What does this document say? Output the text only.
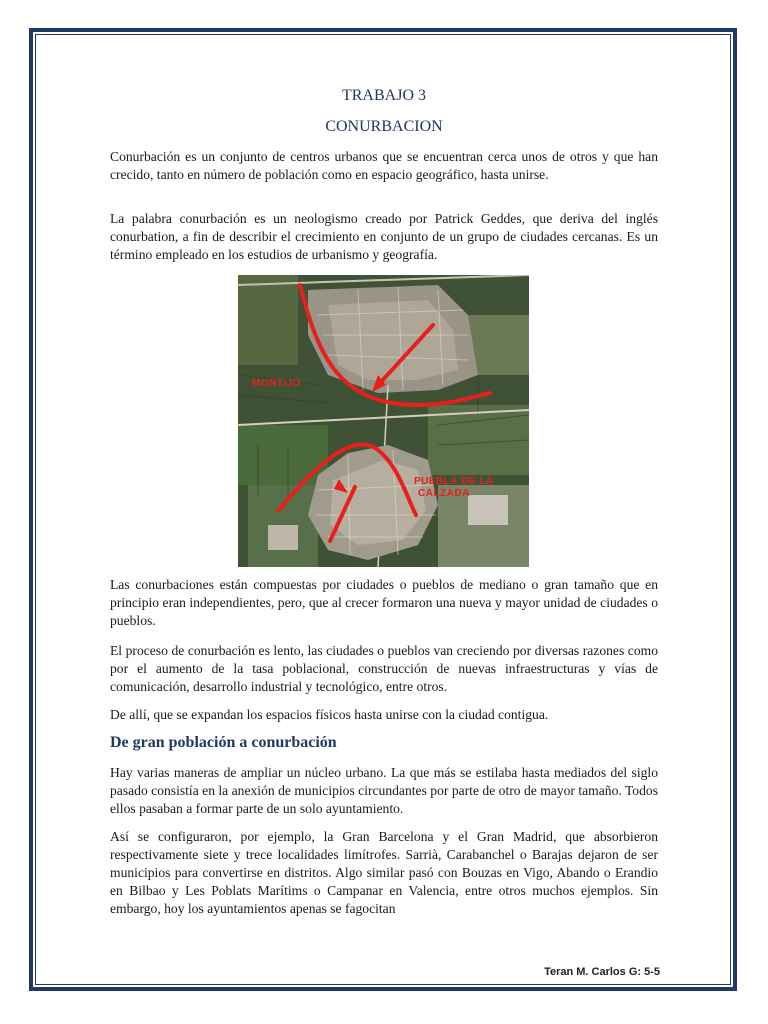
TRABAJO 3
CONURBACION

Conurbación es un conjunto de centros urbanos que se encuentran cerca unos de otros y que han crecido, tanto en número de población como en espacio geográfico, hasta unirse.

La palabra conurbación es un neologismo creado por Patrick Geddes, que deriva del inglés conurbation, a fin de describir el crecimiento en conjunto de un grupo de ciudades cercanas. Es un término empleado en los estudios de urbanismo y geografía.

MONTIJO
PUEBLA DE LA
CALZADA

Las conurbaciones están compuestas por ciudades o pueblos de mediano o gran tamaño que en principio eran independientes, pero, que al crecer formaron una nueva y mayor unidad de ciudades o pueblos.

El proceso de conurbación es lento, las ciudades o pueblos van creciendo por diversas razones como por el aumento de la tasa poblacional, construcción de nuevas infraestructuras y vías de comunicación, desarrollo industrial y tecnológico, entre otros.

De allí, que se expandan los espacios físicos hasta unirse con la ciudad contigua.

De gran población a conurbación

Hay varias maneras de ampliar un núcleo urbano. La que más se estilaba hasta mediados del siglo pasado consistía en la anexión de municipios circundantes por parte de otro de mayor tamaño. Todos ellos pasaban a formar parte de un solo ayuntamiento.

Así se configuraron, por ejemplo, la Gran Barcelona y el Gran Madrid, que absorbieron respectivamente siete y trece localidades limítrofes. Sarrià, Carabanchel o Barajas dejaron de ser municipios para convertirse en distritos. Algo similar pasó con Bouzas en Vigo, Abando o Erandio en Bilbao y Les Poblats Marítims o Campanar en Valencia, entre otros muchos ejemplos. Sin embargo, hoy los ayuntamientos apenas se fagocitan

Teran M. Carlos G: 5-5
